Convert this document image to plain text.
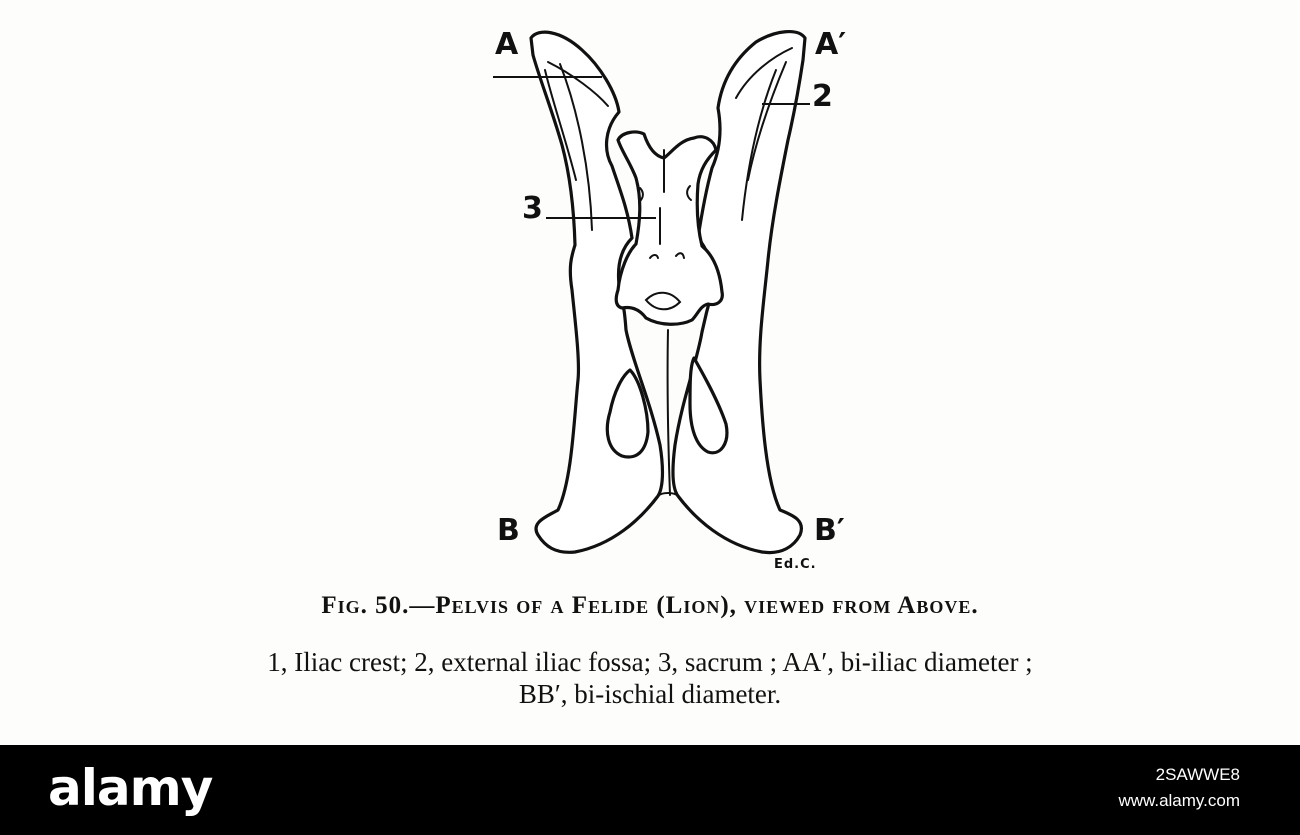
A	A′
2
3
B	B′
Ed.C.
Fig. 50.—Pelvis of a Felide (Lion), viewed from Above.
1, Iliac crest; 2, external iliac fossa; 3, sacrum ; AA′, bi-iliac diameter ;
BB′, bi-ischial diameter.
alamy	2SAWWE8
www.alamy.com
